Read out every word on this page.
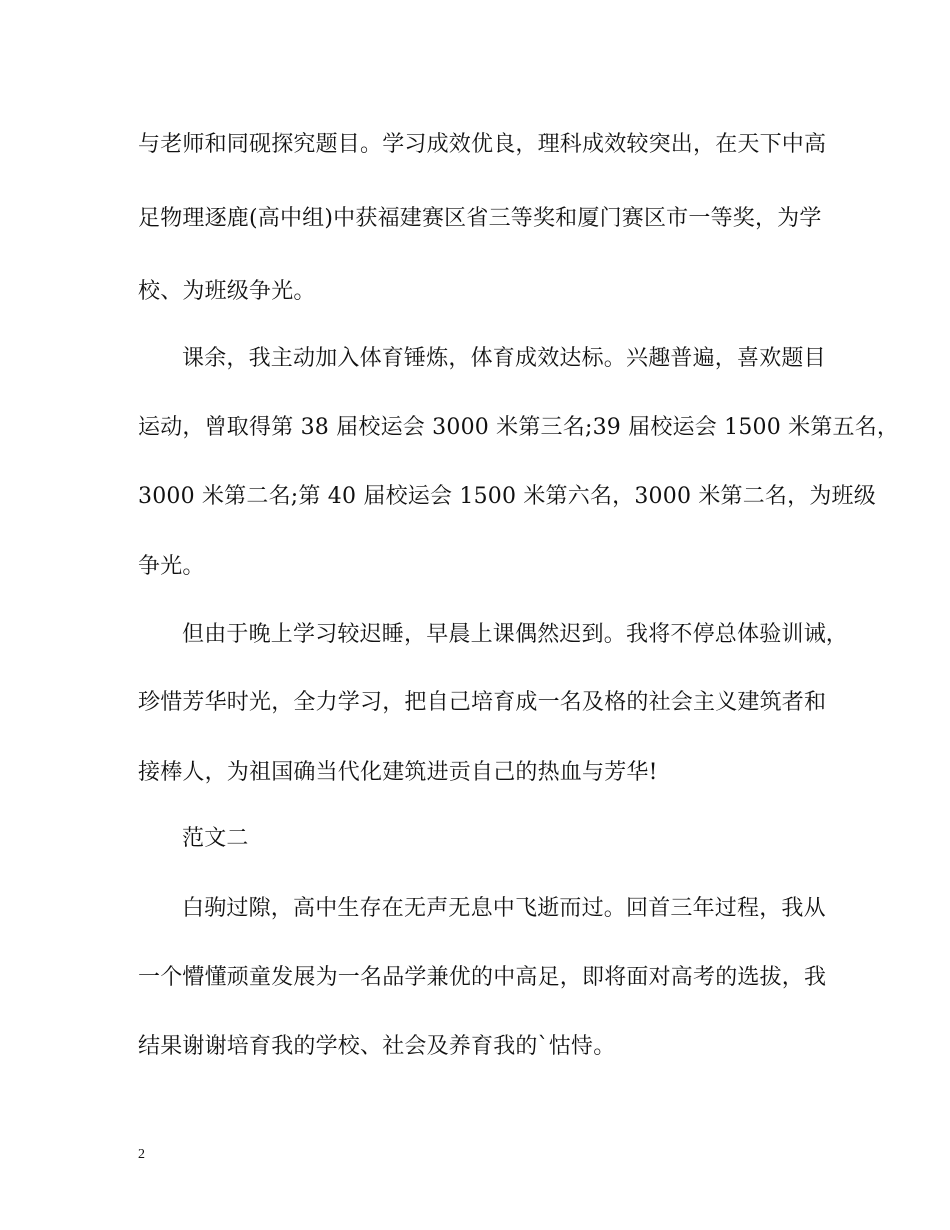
与老师和同砚探究题目。学习成效优良，理科成效较突出，在天下中高
足物理逐鹿(高中组)中获福建赛区省三等奖和厦门赛区市一等奖，为学
校、为班级争光。
课余，我主动加入体育锤炼，体育成效达标。兴趣普遍，喜欢题目
运动，曾取得第 38 届校运会 3000 米第三名;39 届校运会 1500 米第五名，
3000 米第二名;第 40 届校运会 1500 米第六名，3000 米第二名，为班级
争光。
但由于晚上学习较迟睡，早晨上课偶然迟到。我将不停总体验训诫，
珍惜芳华时光，全力学习，把自己培育成一名及格的社会主义建筑者和
接棒人，为祖国确当代化建筑进贡自己的热血与芳华!
范文二
白驹过隙，高中生存在无声无息中飞逝而过。回首三年过程，我从
一个懵懂顽童发展为一名品学兼优的中高足，即将面对高考的选拔，我
结果谢谢培育我的学校、社会及养育我的`怙恃。
2
